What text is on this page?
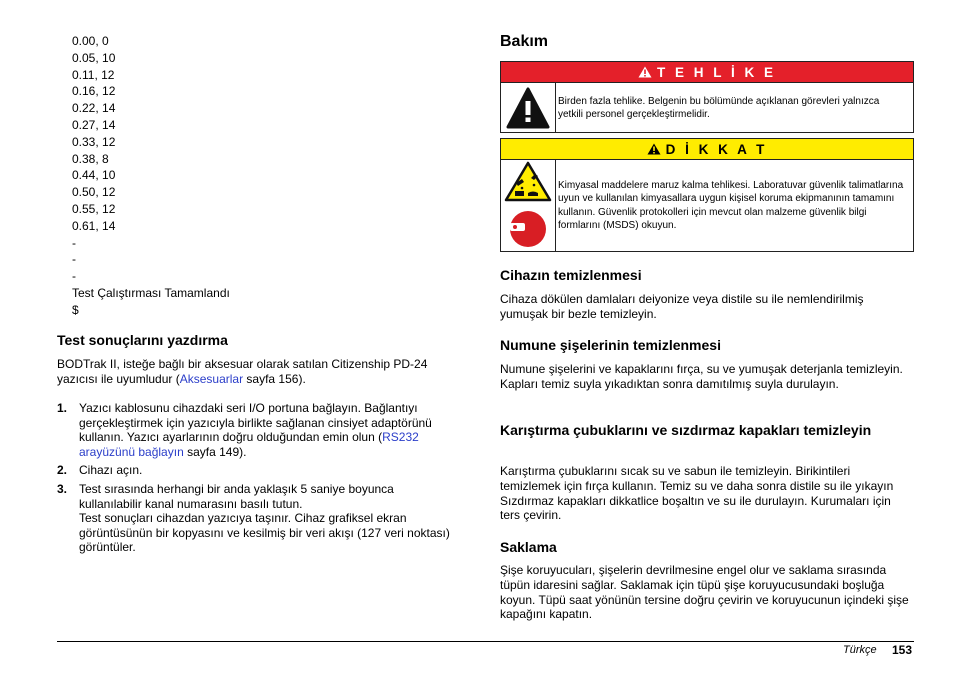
0.00, 0
0.05, 10
0.11, 12
0.16, 12
0.22, 14
0.27, 14
0.33, 12
0.38, 8
0.44, 10
0.50, 12
0.55, 12
0.61, 14
-
-
-
Test Çalıştırması Tamamlandı
$
Test sonuçlarını yazdırma
BODTrak II, isteğe bağlı bir aksesuar olarak satılan Citizenship PD-24 yazıcısı ile uyumludur (Aksesuarlar sayfa 156).
1. Yazıcı kablosunu cihazdaki seri I/O portuna bağlayın. Bağlantıyı gerçekleştirmek için yazıcıyla birlikte sağlanan cinsiyet adaptörünü kullanın. Yazıcı ayarlarının doğru olduğundan emin olun (RS232 arayüzünü bağlayın sayfa 149).
2. Cihazı açın.
3. Test sırasında herhangi bir anda yaklaşık 5 saniye boyunca kullanılabilir kanal numarasını basılı tutun.
Test sonuçları cihazdan yazıcıya taşınır. Cihaz grafiksel ekran görüntüsünün bir kopyasını ve kesilmiş bir veri akışı (127 veri noktası) görüntüler.
Bakım
T E H L İ K E
Birden fazla tehlike. Belgenin bu bölümünde açıklanan görevleri yalnızca yetkili personel gerçekleştirmelidir.
D İ K K A T
Kimyasal maddelere maruz kalma tehlikesi. Laboratuvar güvenlik talimatlarına uyun ve kullanılan kimyasallara uygun kişisel koruma ekipmanının tamamını kullanın. Güvenlik protokolleri için mevcut olan malzeme güvenlik bilgi formlarını (MSDS) okuyun.
Cihazın temizlenmesi
Cihaza dökülen damlaları deiyonize veya distile su ile nemlendirilmiş yumuşak bir bezle temizleyin.
Numune şişelerinin temizlenmesi
Numune şişelerini ve kapaklarını fırça, su ve yumuşak deterjanla temizleyin. Kapları temiz suyla yıkadıktan sonra damıtılmış suyla durulayın.
Karıştırma çubuklarını ve sızdırmaz kapakları temizleyin
Karıştırma çubuklarını sıcak su ve sabun ile temizleyin. Birikintileri temizlemek için fırça kullanın. Temiz su ve daha sonra distile su ile yıkayın Sızdırmaz kapakları dikkatlice boşaltın ve su ile durulayın. Kurumaları için ters çevirin.
Saklama
Şişe koruyucuları, şişelerin devrilmesine engel olur ve saklama sırasında tüpün idaresini sağlar. Saklamak için tüpü şişe koruyucusundaki boşluğa koyun. Tüpü saat yönünün tersine doğru çevirin ve koruyucunun içindeki şişe kapağını kapatın.
Türkçe 153
